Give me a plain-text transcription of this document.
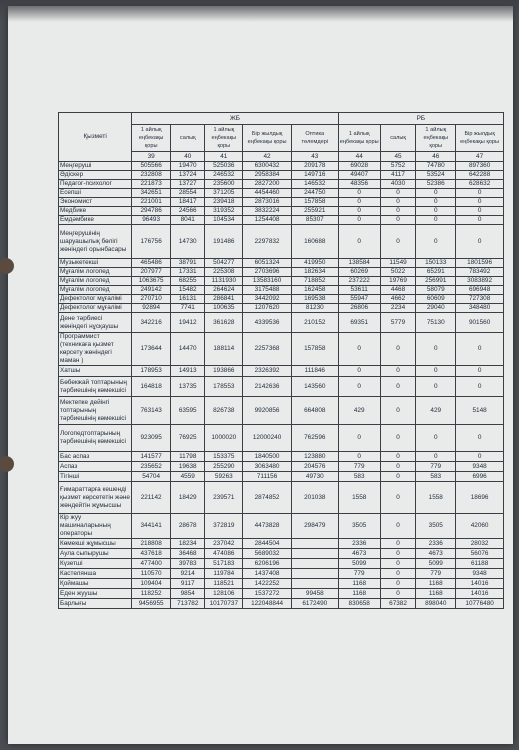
Қызметі	ЖБ					РБ			
	1 айлық еңбекақы қоры	салық	1 айлық еңбекақы қоры	Бір жылдық еңбекақы қоры	Оптика төлемдері	1 айлық еңбекақы қоры	салық	1 айлық еңбекақы қоры	Бір жылдық еңбекақы қоры
	39	40	41	42	43	44	45	46	47
Меңгеруші	505566	19470	525036	6300432	209178	69028	5752	74780	897360
Әдіскер	232808	13724	246532	2958384	149716	49407	4117	53524	642288
Педагог-психолог	221873	13727	235600	2827200	146532	48356	4030	52386	628632
Есепші	342651	28554	371205	4454460	244750	0	0	0	0
Экономист	221001	18417	239418	2873016	157858	0	0	0	0
Медбике	294786	24566	319352	3832224	255921	0	0	0	0
Емдәмбике	96493	8041	104534	1254408	85307	0	0	0	0
Меңгерушінің шаруашылық бөлігі жөніндегі орынбасары	176756	14730	191486	2297832	160688	0	0	0	0
Музыкетекші	465486	38791	504277	6051324	419950	138584	11549	150133	1801596
Мұғалім логопед	207977	17331	225308	2703696	182634	60269	5022	65291	783492
Мұғалім логопед	1063675	68255	1131930	13583160	718852	237222	19769	256991	3083892
Мұғалім логопед	249142	15482	264624	3175488	162458	53611	4468	58079	696948
Дефектолог мұғалімі	270710	16131	286841	3442092	169538	55947	4662	60609	727308
Дефектолог мұғалімі	92894	7741	100635	1207620	81230	26806	2234	29040	348480
Дене тәрбиесі жөніндегі нұсқаушы	342216	19412	361628	4339536	210152	69351	5779	75130	901560
Программист (техникаға қызмет көрсету жөніндегі маман )	173644	14470	188114	2257368	157858	0	0	0	0
Хатшы	178953	14913	193866	2326392	111846	0	0	0	0
Бөбекжай топтарының тәрбиешінің көмекшісі	164818	13735	178553	2142636	143560	0	0	0	0
Мектепке дейінгі топтарының тәрбиешінің көмекшісі	763143	63595	826738	9920856	664808	429	0	429	5148
Логопедтоптарының тәрбиешінің көмекшісі	923095	76925	1000020	12000240	762596	0	0	0	0
Бас аспаз	141577	11798	153375	1840500	123880	0	0	0	0
Аспаз	235652	19638	255290	3063480	204576	779	0	779	9348
Тігінші	54704	4559	59263	711156	49730	583	0	583	6996
Ғимараттарға кешенді қызмет көрсететін және жөндейтін жұмысшы	221142	18429	239571	2874852	201038	1558	0	1558	18696
Кір жуу машиналарының операторы	344141	28678	372819	4473828	298479	3505	0	3505	42060
Көмекші жұмысшы	218808	18234	237042	2844504		2336	0	2336	28032
Аула сыпырушы	437618	36468	474086	5689032		4673	0	4673	56076
Күзетші	477400	39783	517183	6206196		5099	0	5099	61188
Кастелянша	110570	9214	119784	1437408		779	0	779	9348
Қоймашы	109404	9117	118521	1422252		1168	0	1168	14016
Еден жуушы	118252	9854	128106	1537272	99458	1168	0	1168	14016
Барлығы	9456955	713782	10170737	122048844	6172490	830658	67382	898040	10776480
